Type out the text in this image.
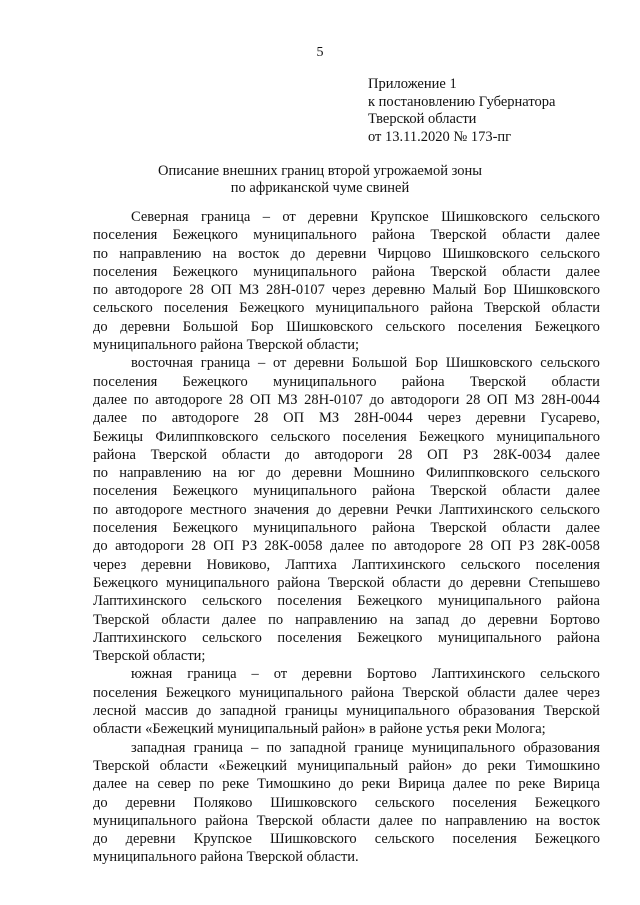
5
Приложение 1
к постановлению Губернатора
Тверской области
от 13.11.2020 № 173-пг
Описание внешних границ второй угрожаемой зоны
по африканской чуме свиней
Северная граница – от деревни Крупское Шишковского сельского
поселения Бежецкого муниципального района Тверской области далее
по направлению на восток до деревни Чирцово Шишковского сельского
поселения Бежецкого муниципального района Тверской области далее
по автодороге 28 ОП МЗ 28Н-0107 через деревню Малый Бор Шишковского
сельского поселения Бежецкого муниципального района Тверской области
до деревни Большой Бор Шишковского сельского поселения Бежецкого
муниципального района Тверской области;
восточная граница – от деревни Большой Бор Шишковского сельского
поселения Бежецкого муниципального района Тверской области
далее по автодороге 28 ОП МЗ 28Н-0107 до автодороги 28 ОП МЗ 28Н-0044
далее по автодороге 28 ОП МЗ 28Н-0044 через деревни Гусарево,
Бежицы Филиппковского сельского поселения Бежецкого муниципального
района Тверской области до автодороги 28 ОП РЗ 28К-0034 далее
по направлению на юг до деревни Мошнино Филиппковского сельского
поселения Бежецкого муниципального района Тверской области далее
по автодороге местного значения до деревни Речки Лаптихинского сельского
поселения Бежецкого муниципального района Тверской области далее
до автодороги 28 ОП РЗ 28К-0058 далее по автодороге 28 ОП РЗ 28К-0058
через деревни Новиково, Лаптиха Лаптихинского сельского поселения
Бежецкого муниципального района Тверской области до деревни Степышево
Лаптихинского сельского поселения Бежецкого муниципального района
Тверской области далее по направлению на запад до деревни Бортово
Лаптихинского сельского поселения Бежецкого муниципального района
Тверской области;
южная граница – от деревни Бортово Лаптихинского сельского
поселения Бежецкого муниципального района Тверской области далее через
лесной массив до западной границы муниципального образования Тверской
области «Бежецкий муниципальный район» в районе устья реки Молога;
западная граница – по западной границе муниципального образования
Тверской области «Бежецкий муниципальный район» до реки Тимошкино
далее на север по реке Тимошкино до реки Вирица далее по реке Вирица
до деревни Поляково Шишковского сельского поселения Бежецкого
муниципального района Тверской области далее по направлению на восток
до деревни Крупское Шишковского сельского поселения Бежецкого
муниципального района Тверской области.
